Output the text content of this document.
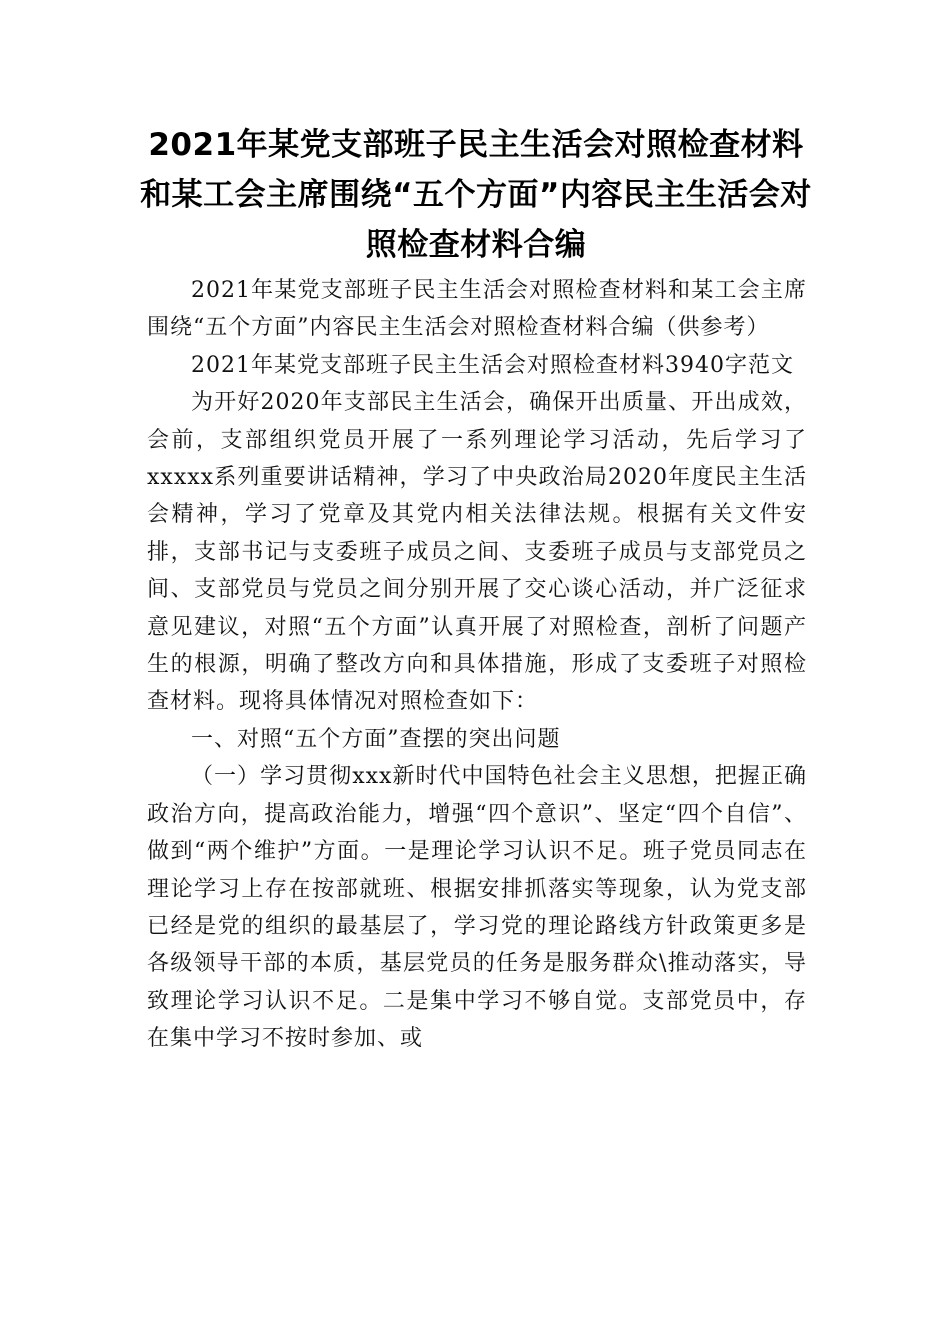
2021年某党支部班子民主生活会对照检查材料和某工会主席围绕“五个方面”内容民主生活会对照检查材料合编

2021年某党支部班子民主生活会对照检查材料和某工会主席围绕“五个方面”内容民主生活会对照检查材料合编（供参考）

2021年某党支部班子民主生活会对照检查材料3940字范文

为开好2020年支部民主生活会，确保开出质量、开出成效，会前，支部组织党员开展了一系列理论学习活动，先后学习了xxxxx系列重要讲话精神，学习了中央政治局2020年度民主生活会精神，学习了党章及其党内相关法律法规。根据有关文件安排，支部书记与支委班子成员之间、支委班子成员与支部党员之间、支部党员与党员之间分别开展了交心谈心活动，并广泛征求意见建议，对照“五个方面”认真开展了对照检查，剖析了问题产生的根源，明确了整改方向和具体措施，形成了支委班子对照检查材料。现将具体情况对照检查如下：

一、对照“五个方面”查摆的突出问题

（一）学习贯彻xxx新时代中国特色社会主义思想，把握正确政治方向，提高政治能力，增强“四个意识”、坚定“四个自信”、做到“两个维护”方面。一是理论学习认识不足。班子党员同志在理论学习上存在按部就班、根据安排抓落实等现象，认为党支部已经是党的组织的最基层了，学习党的理论路线方针政策更多是各级领导干部的本质，基层党员的任务是服务群众\推动落实，导致理论学习认识不足。二是集中学习不够自觉。支部党员中，存在集中学习不按时参加、或
